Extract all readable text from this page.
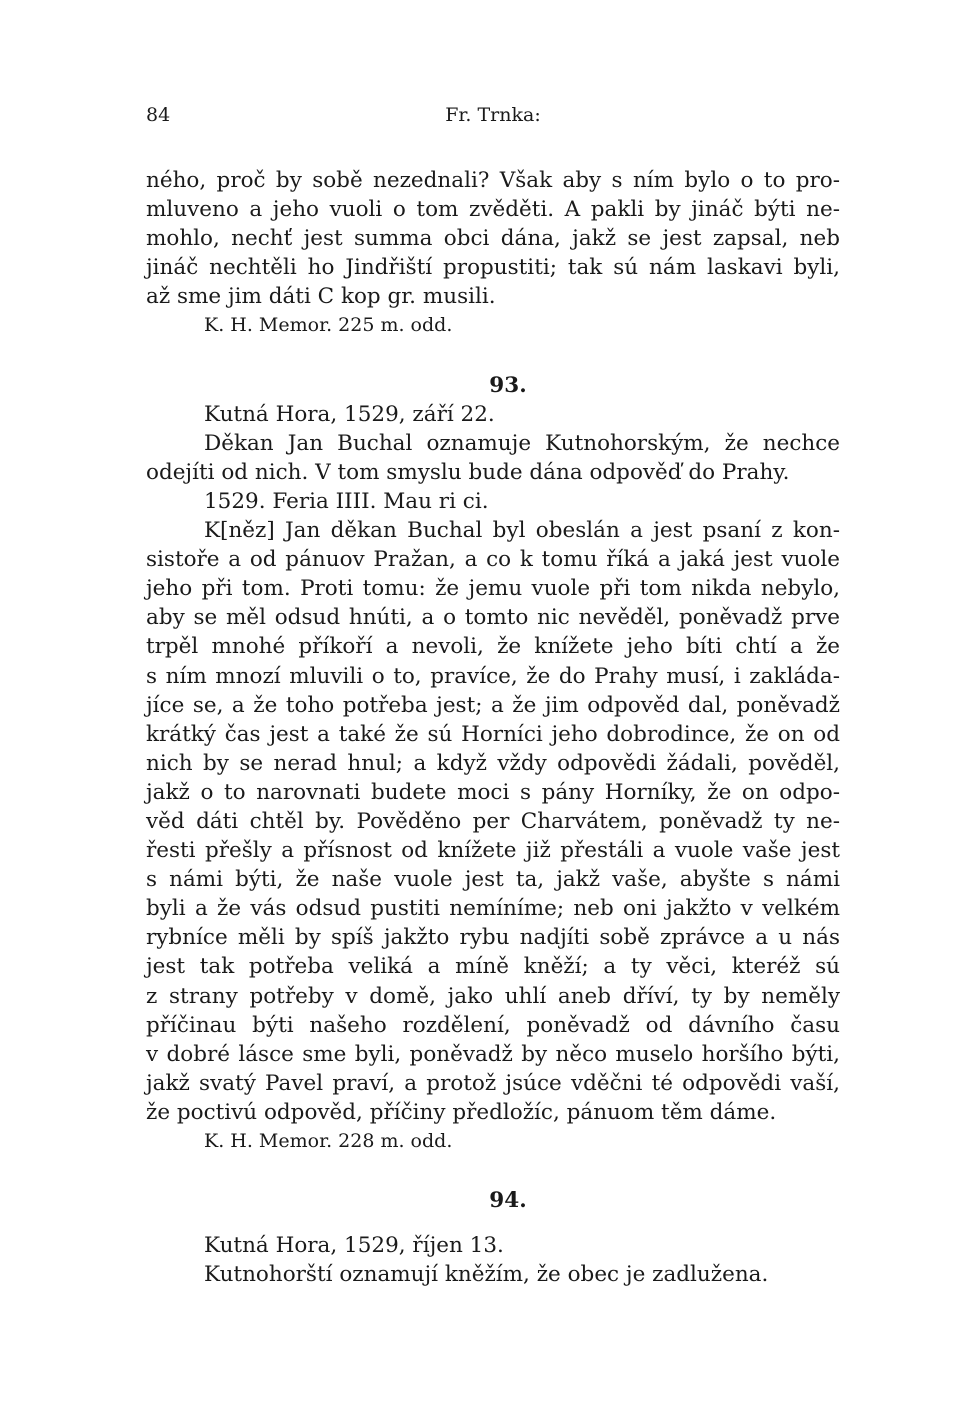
84	Fr. Trnka:
ného, proč by sobě nezednali? Však aby s ním bylo o to pro-
mluveno a jeho vuoli o tom zvěděti. A pakli by jináč býti ne-
mohlo, nechť jest summa obci dána, jakž se jest zapsal, neb
jináč nechtěli ho Jindřiští propustiti; tak sú nám laskavi byli,
až sme jim dáti C kop gr. musili.
K. H. Memor. 225 m. odd.
93.
Kutná Hora, 1529, září 22.
Děkan Jan Buchal oznamuje Kutnohorským, že nechce
odejíti od nich. V tom smyslu bude dána odpověď do Prahy.
1529. Feria IIII. Mau ri ci.
K[něz] Jan děkan Buchal byl obeslán a jest psaní z kon-
sistoře a od pánuov Pražan, a co k tomu říká a jaká jest vuole
jeho při tom. Proti tomu: že jemu vuole při tom nikda nebylo,
aby se měl odsud hnúti, a o tomto nic nevěděl, poněvadž prve
trpěl mnohé příkoří a nevoli, že knížete jeho bíti chtí a že
s ním mnozí mluvili o to, pravíce, že do Prahy musí, i zakláda-
jíce se, a že toho potřeba jest; a že jim odpověd dal, poněvadž
krátký čas jest a také že sú Horníci jeho dobrodince, že on od
nich by se nerad hnul; a když vždy odpovědi žádali, pověděl,
jakž o to narovnati budete moci s pány Horníky, že on odpo-
věd dáti chtěl by. Pověděno per Charvátem, poněvadž ty ne-
řesti přešly a přísnost od knížete již přestáli a vuole vaše jest
s námi býti, že naše vuole jest ta, jakž vaše, abyšte s námi
byli a že vás odsud pustiti nemíníme; neb oni jakžto v velkém
rybníce měli by spíš jakžto rybu nadjíti sobě zprávce a u nás
jest tak potřeba veliká a míně kněží; a ty věci, kteréž sú
z strany potřeby v domě, jako uhlí aneb dříví, ty by neměly
příčinau býti našeho rozdělení, poněvadž od dávního času
v dobré lásce sme byli, poněvadž by něco muselo horšího býti,
jakž svatý Pavel praví, a protož jsúce vděčni té odpovědi vaší,
že poctivú odpověd, příčiny předložíc, pánuom těm dáme.
K. H. Memor. 228 m. odd.
94.
Kutná Hora, 1529, říjen 13.
Kutnohorští oznamují kněžím, že obec je zadlužena.
